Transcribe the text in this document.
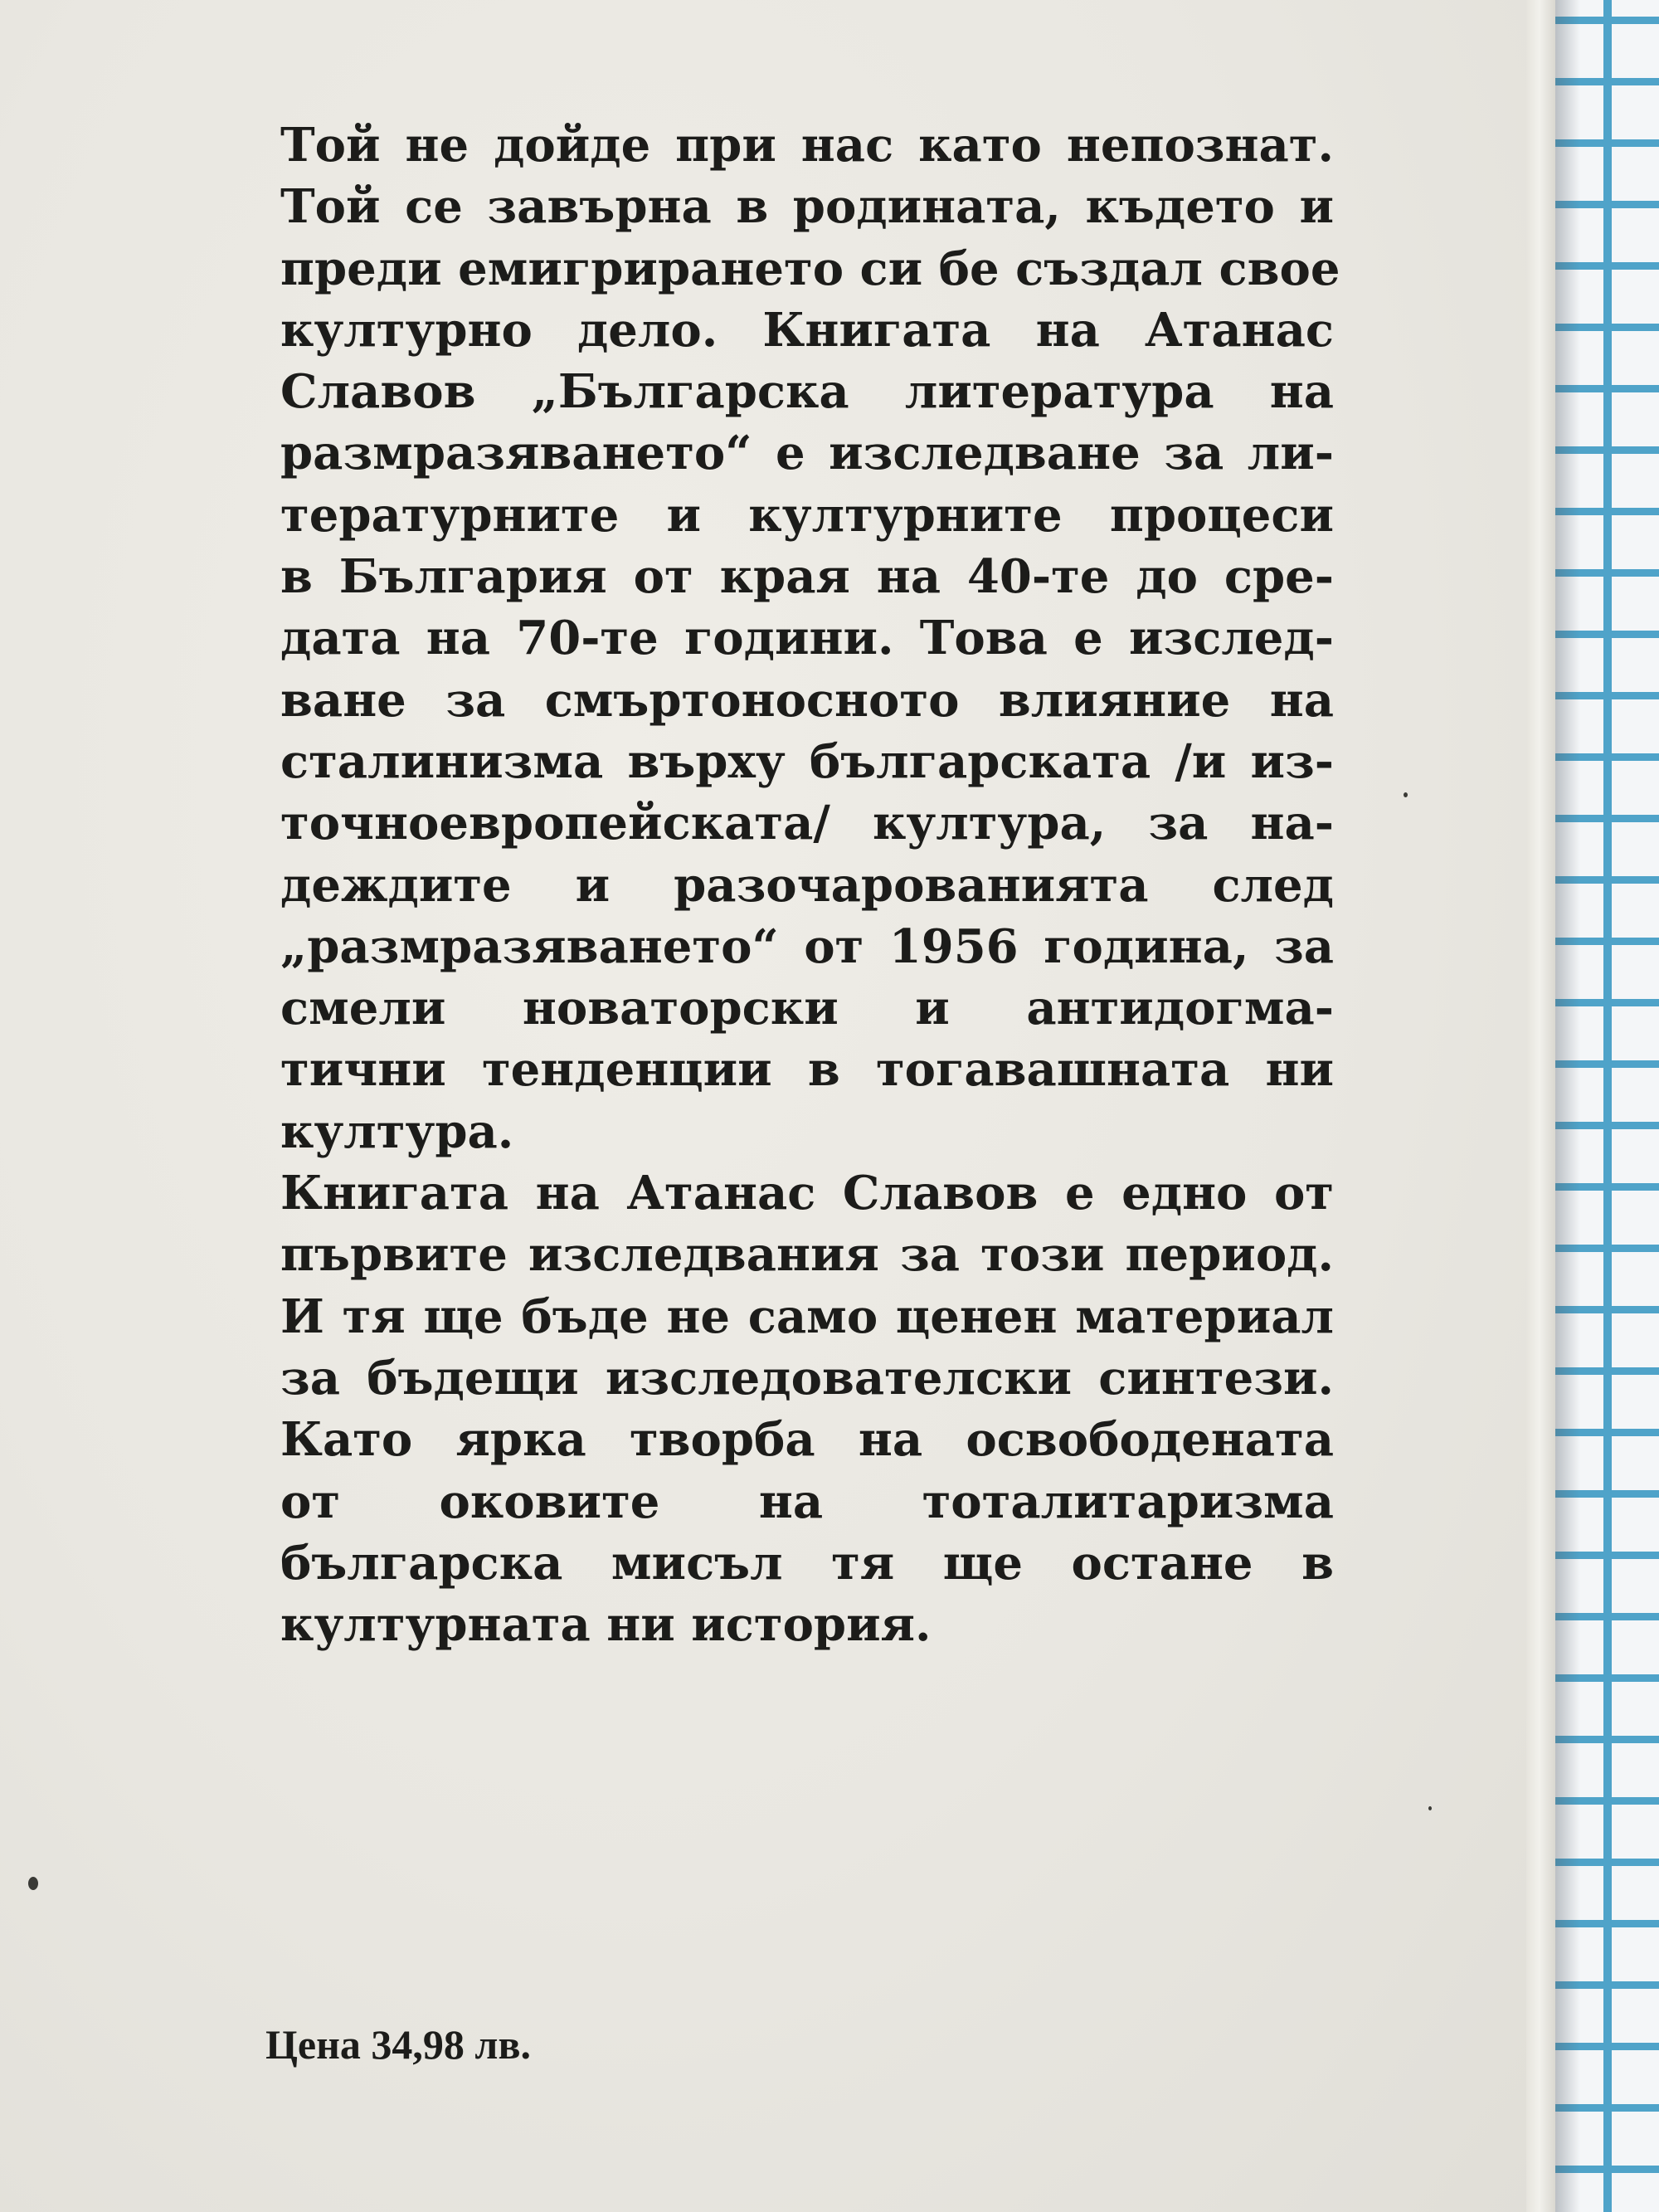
Той не дойде при нас като непознат.
Той се завърна в родината, където и
преди емигрирането си бе създал свое
културно дело. Книгата на Атанас
Славов „Българска литература на
размразяването“ е изследване за ли-
тературните и културните процеси
в България от края на 40-те до сре-
дата на 70-те години. Това е изслед-
ване за смъртоносното влияние на
сталинизма върху българската /и из-
точноевропейската/ култура, за на-
деждите и разочарованията след
„размразяването“ от 1956 година, за
смели новаторски и антидогма-
тични тенденции в тогавашната ни
култура.
Книгата на Атанас Славов е едно от
първите изследвания за този период.
И тя ще бъде не само ценен материал
за бъдещи изследователски синтези.
Като ярка творба на освободената
от оковите на тоталитаризма
българска мисъл тя ще остане в
културната ни история.
Цена 34,98 лв.
